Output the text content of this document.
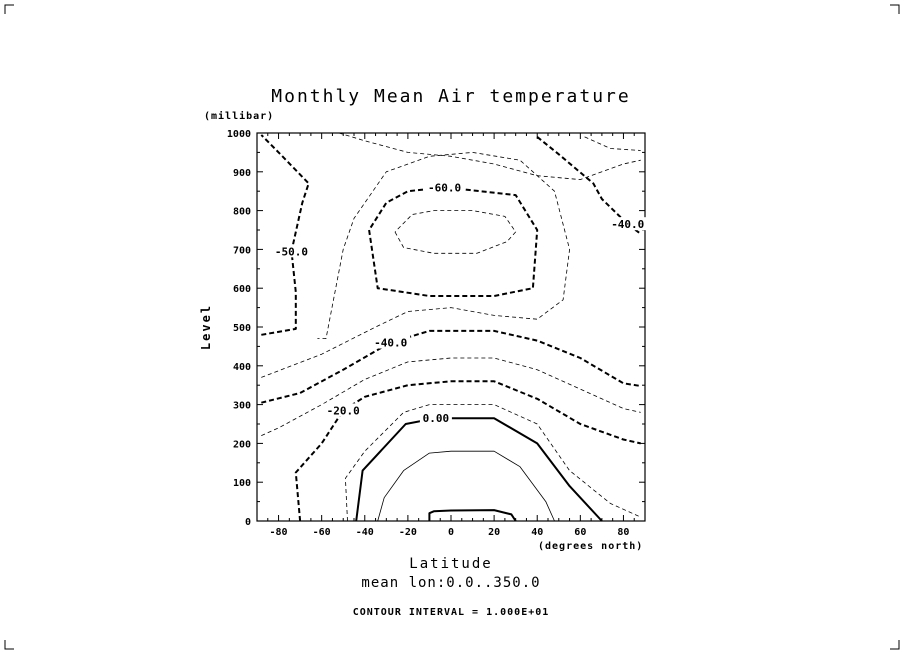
Monthly Mean Air temperature
(millibar)
Level
0
100
200
300
400
500
600
700
800
900
1000
-80	-60	-40	-20	0	20	40	60	80
0.00
-20.0
-40.0
-50.0
-60.0
-40.0
(degrees north)
Latitude
mean lon:0.0..350.0
CONTOUR INTERVAL = 1.000E+01
